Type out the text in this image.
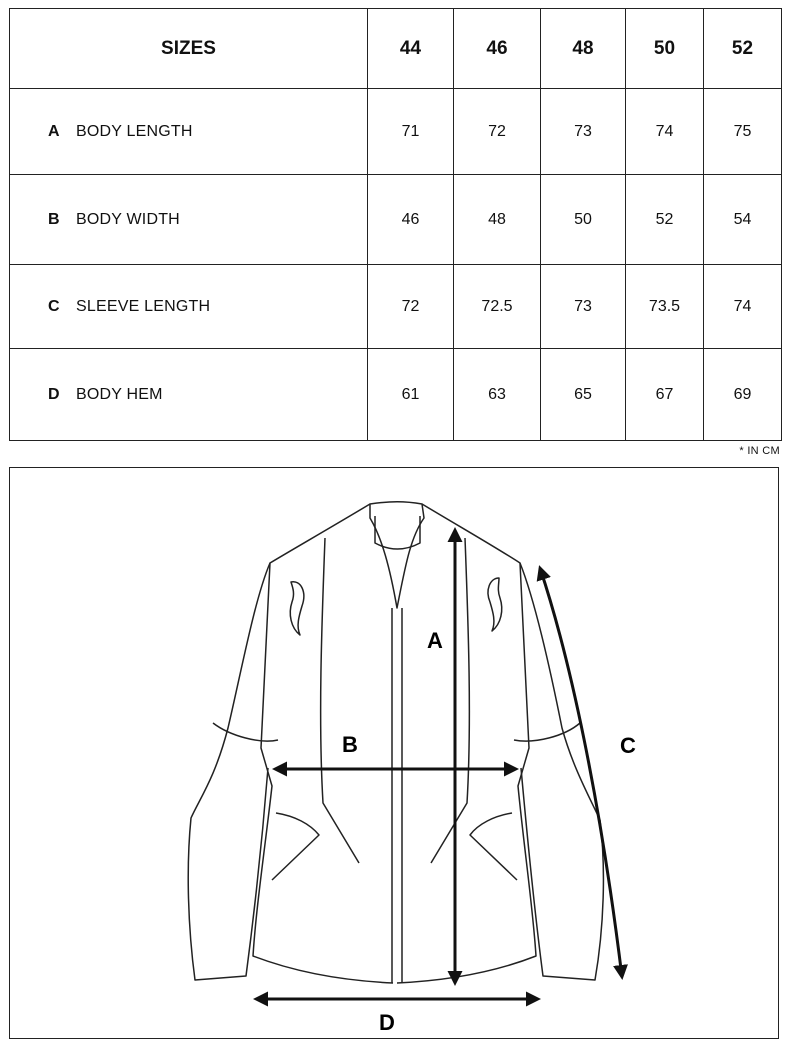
SIZES	44	46	48	50	52
A BODY LENGTH	71	72	73	74	75
B BODY WIDTH	46	48	50	52	54
C SLEEVE LENGTH	72	72.5	73	73.5	74
D BODY HEM	61	63	65	67	69
* IN CM
A
B	C
D
